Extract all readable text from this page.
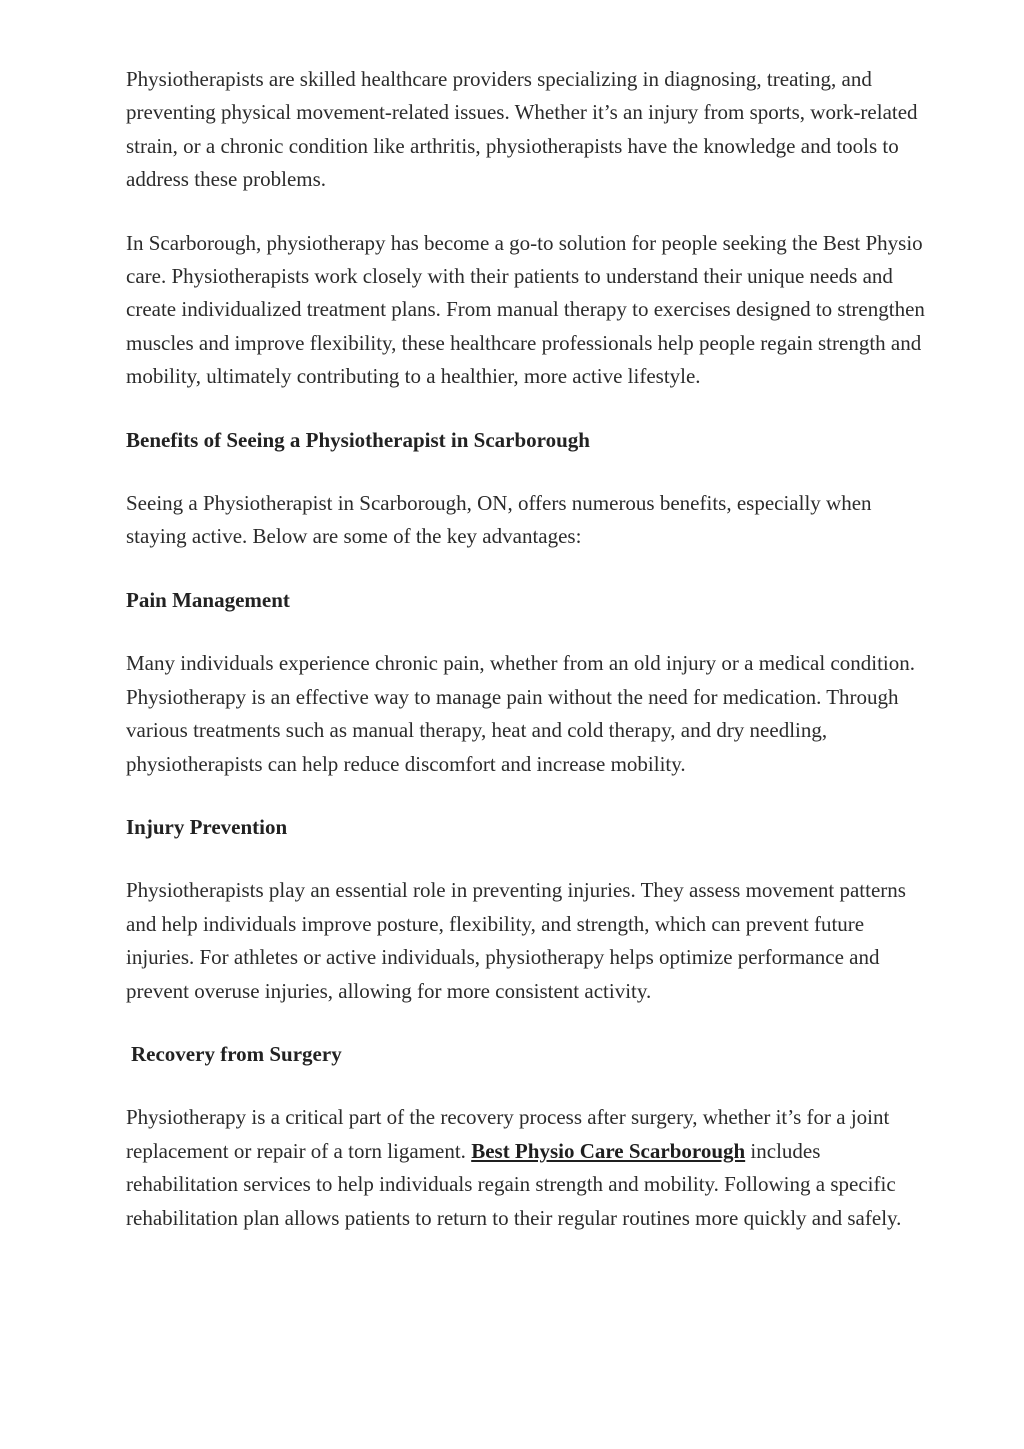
Physiotherapists are skilled healthcare providers specializing in diagnosing, treating, and preventing physical movement-related issues. Whether it’s an injury from sports, work-related strain, or a chronic condition like arthritis, physiotherapists have the knowledge and tools to address these problems.

In Scarborough, physiotherapy has become a go-to solution for people seeking the Best Physio care. Physiotherapists work closely with their patients to understand their unique needs and create individualized treatment plans. From manual therapy to exercises designed to strengthen muscles and improve flexibility, these healthcare professionals help people regain strength and mobility, ultimately contributing to a healthier, more active lifestyle.

Benefits of Seeing a Physiotherapist in Scarborough

Seeing a Physiotherapist in Scarborough, ON, offers numerous benefits, especially when staying active. Below are some of the key advantages:

Pain Management

Many individuals experience chronic pain, whether from an old injury or a medical condition. Physiotherapy is an effective way to manage pain without the need for medication. Through various treatments such as manual therapy, heat and cold therapy, and dry needling, physiotherapists can help reduce discomfort and increase mobility.

Injury Prevention

Physiotherapists play an essential role in preventing injuries. They assess movement patterns and help individuals improve posture, flexibility, and strength, which can prevent future injuries. For athletes or active individuals, physiotherapy helps optimize performance and prevent overuse injuries, allowing for more consistent activity.

Recovery from Surgery

Physiotherapy is a critical part of the recovery process after surgery, whether it’s for a joint replacement or repair of a torn ligament. Best Physio Care Scarborough includes rehabilitation services to help individuals regain strength and mobility. Following a specific rehabilitation plan allows patients to return to their regular routines more quickly and safely.
